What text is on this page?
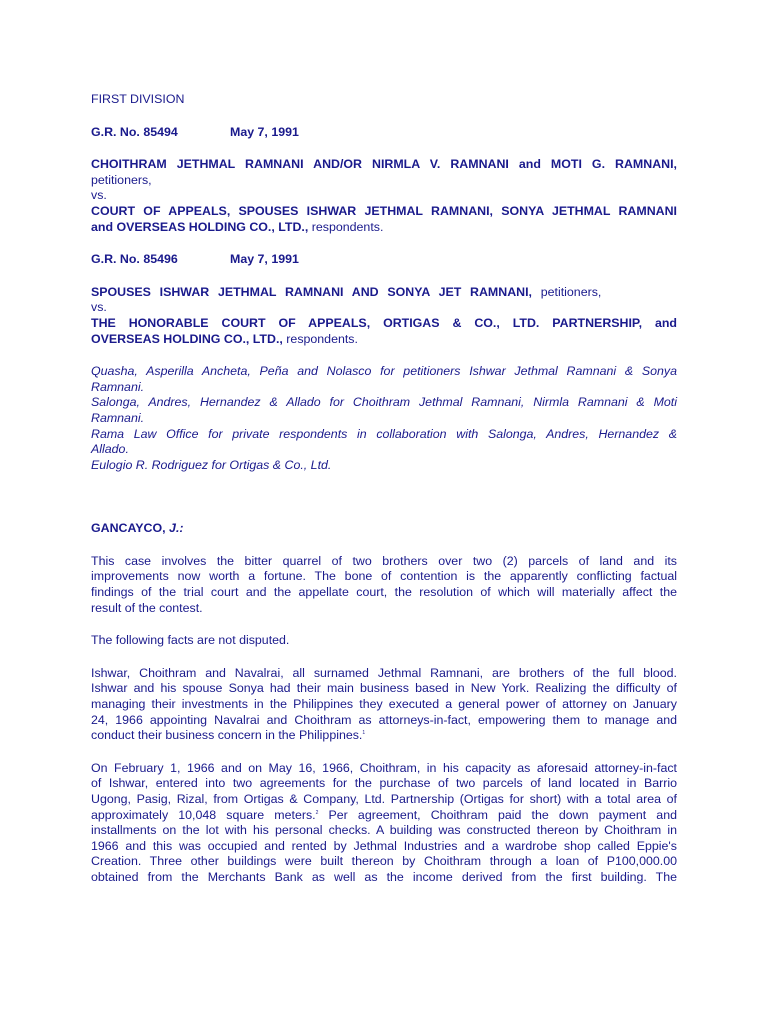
FIRST DIVISION
G.R. No. 85494	May 7, 1991
CHOITHRAM JETHMAL RAMNANI AND/OR NIRMLA V. RAMNANI and MOTI G. RAMNANI,
petitioners,
vs.
COURT OF APPEALS, SPOUSES ISHWAR JETHMAL RAMNANI, SONYA JETHMAL RAMNANI
and OVERSEAS HOLDING CO., LTD., respondents.
G.R. No. 85496	May 7, 1991
SPOUSES ISHWAR JETHMAL RAMNANI AND SONYA JET RAMNANI, petitioners,
vs.
THE HONORABLE COURT OF APPEALS, ORTIGAS & CO., LTD. PARTNERSHIP, and
OVERSEAS HOLDING CO., LTD., respondents.
Quasha, Asperilla Ancheta, Peña and Nolasco for petitioners Ishwar Jethmal Ramnani & Sonya
Ramnani.
Salonga, Andres, Hernandez & Allado for Choithram Jethmal Ramnani, Nirmla Ramnani & Moti
Ramnani.
Rama Law Office for private respondents in collaboration with Salonga, Andres, Hernandez &
Allado.
Eulogio R. Rodriguez for Ortigas & Co., Ltd.
GANCAYCO, J.:
This case involves the bitter quarrel of two brothers over two (2) parcels of land and its
improvements now worth a fortune. The bone of contention is the apparently conflicting factual
findings of the trial court and the appellate court, the resolution of which will materially affect the
result of the contest.
The following facts are not disputed.
Ishwar, Choithram and Navalrai, all surnamed Jethmal Ramnani, are brothers of the full blood.
Ishwar and his spouse Sonya had their main business based in New York. Realizing the difficulty of
managing their investments in the Philippines they executed a general power of attorney on January
24, 1966 appointing Navalrai and Choithram as attorneys-in-fact, empowering them to manage and
conduct their business concern in the Philippines.$^1$
On February 1, 1966 and on May 16, 1966, Choithram, in his capacity as aforesaid attorney-in-fact
of Ishwar, entered into two agreements for the purchase of two parcels of land located in Barrio
Ugong, Pasig, Rizal, from Ortigas & Company, Ltd. Partnership (Ortigas for short) with a total area of
approximately 10,048 square meters.$^2$ Per agreement, Choithram paid the down payment and
installments on the lot with his personal checks. A building was constructed thereon by Choithram in
1966 and this was occupied and rented by Jethmal Industries and a wardrobe shop called Eppie's
Creation. Three other buildings were built thereon by Choithram through a loan of P100,000.00
obtained from the Merchants Bank as well as the income derived from the first building. The
